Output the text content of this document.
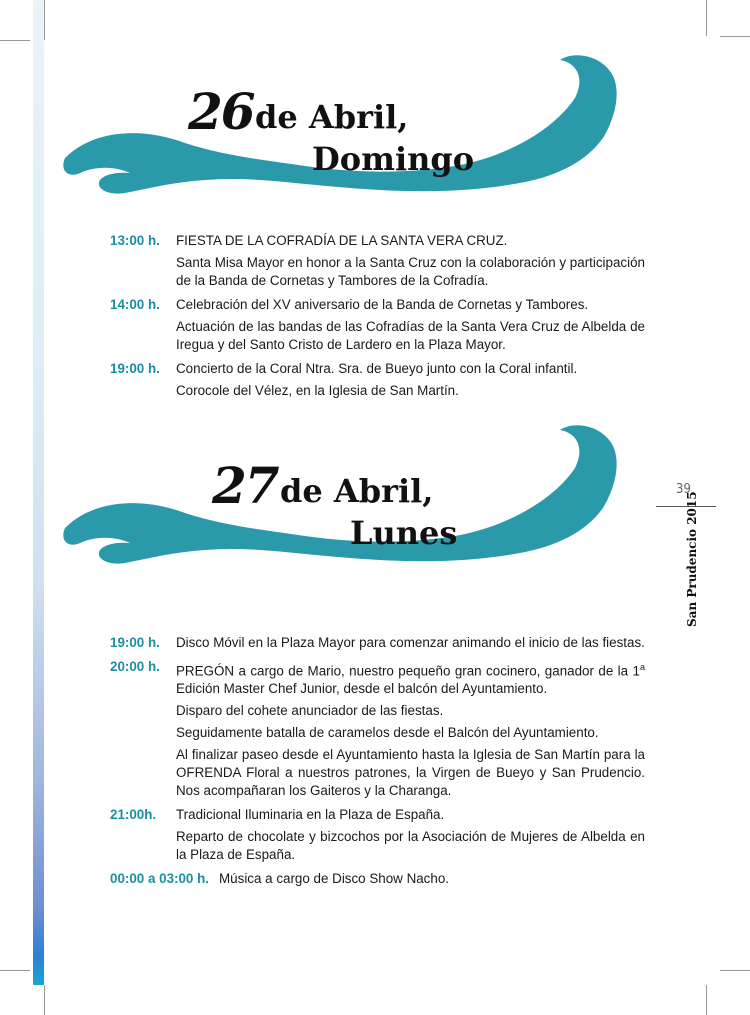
26 de Abril,
Domingo
13:00 h.	FIESTA DE LA COFRADÍA DE LA SANTA VERA CRUZ.
Santa Misa Mayor en honor a la Santa Cruz con la colaboración y participación de la Banda de Cornetas y Tambores de la Cofradía.
14:00 h.	Celebración del XV aniversario de la Banda de Cornetas y Tambores.
Actuación de las bandas de las Cofradías de la Santa Vera Cruz de Albelda de Iregua y del Santo Cristo de Lardero en la Plaza Mayor.
19:00 h.	Concierto de la Coral Ntra. Sra. de Bueyo junto con la Coral infantil.
Corocole del Vélez, en la Iglesia de San Martín.
27 de Abril,
Lunes
19:00 h.	Disco Móvil en la Plaza Mayor para comenzar animando el inicio de las fiestas.
20:00 h.	PREGÓN a cargo de Mario, nuestro pequeño gran cocinero, ganador de la 1$^a$ Edición Master Chef Junior, desde el balcón del Ayuntamiento.
Disparo del cohete anunciador de las fiestas.
Seguidamente batalla de caramelos desde el Balcón del Ayuntamiento.
Al finalizar paseo desde el Ayuntamiento hasta la Iglesia de San Martín para la OFRENDA Floral a nuestros patrones, la Virgen de Bueyo y San Prudencio. Nos acompañaran los Gaiteros y la Charanga.
21:00h.	Tradicional Iluminaria en la Plaza de España.
Reparto de chocolate y bizcochos por la Asociación de Mujeres de Albelda en la Plaza de España.
00:00 a 03:00 h. Música a cargo de Disco Show Nacho.
39
San Prudencio 2015
